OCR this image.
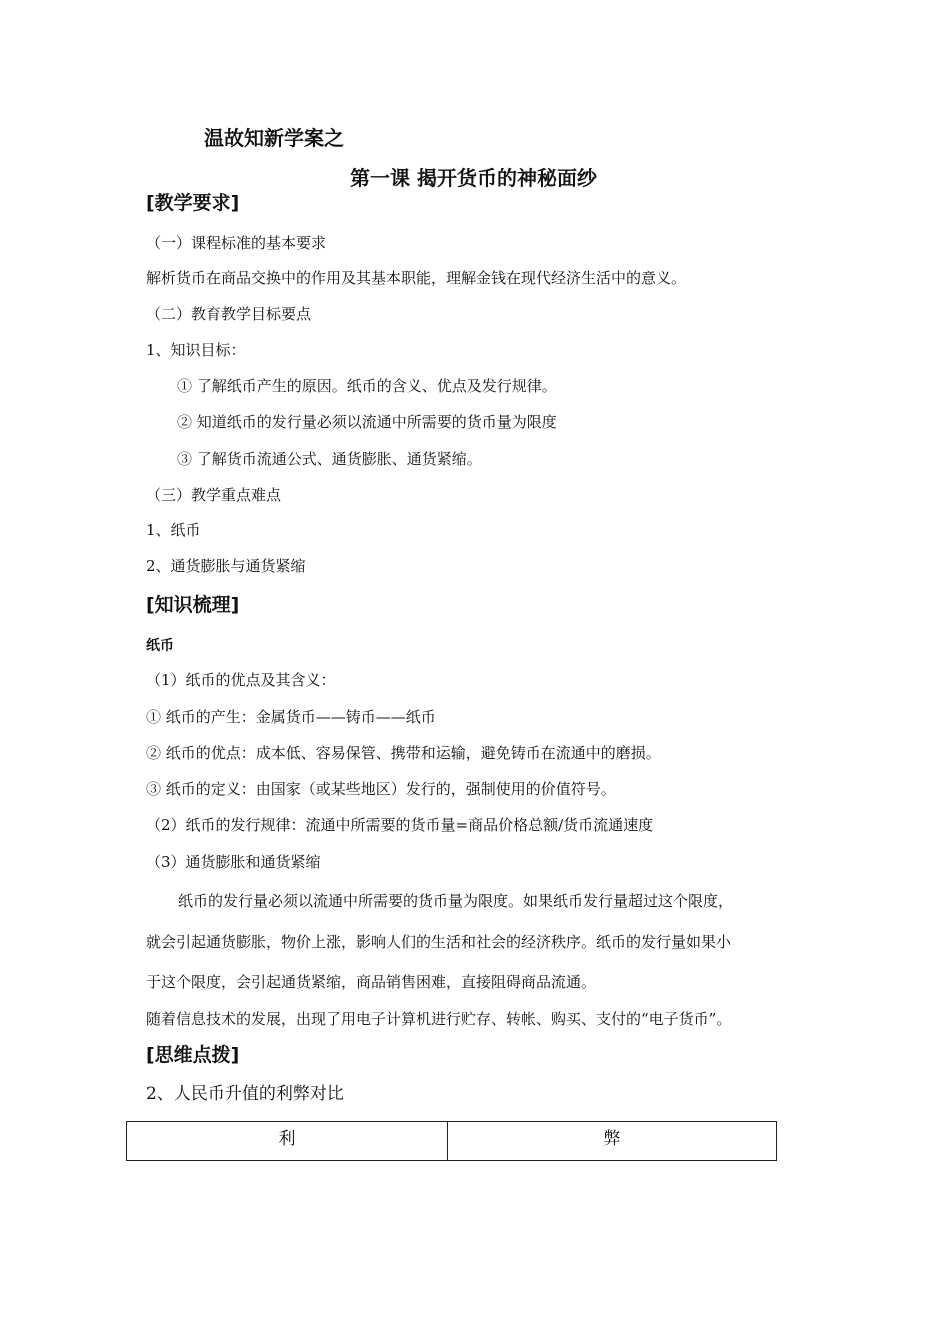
温故知新学案之
第一课 揭开货币的神秘面纱
[教学要求]
（一）课程标准的基本要求
解析货币在商品交换中的作用及其基本职能，理解金钱在现代经济生活中的意义。
（二）教育教学目标要点
1、知识目标：
① 了解纸币产生的原因。纸币的含义、优点及发行规律。
② 知道纸币的发行量必须以流通中所需要的货币量为限度
③ 了解货币流通公式、通货膨胀、通货紧缩。
（三）教学重点难点
1、纸币
2、通货膨胀与通货紧缩
[知识梳理]
纸币
（1）纸币的优点及其含义：
① 纸币的产生：金属货币——铸币——纸币
② 纸币的优点：成本低、容易保管、携带和运输，避免铸币在流通中的磨损。
③ 纸币的定义：由国家（或某些地区）发行的，强制使用的价值符号。
（2）纸币的发行规律：流通中所需要的货币量=商品价格总额/货币流通速度
（3）通货膨胀和通货紧缩
纸币的发行量必须以流通中所需要的货币量为限度。如果纸币发行量超过这个限度，
就会引起通货膨胀，物价上涨，影响人们的生活和社会的经济秩序。纸币的发行量如果小
于这个限度，会引起通货紧缩，商品销售困难，直接阻碍商品流通。
随着信息技术的发展，出现了用电子计算机进行贮存、转帐、购买、支付的“电子货币”。
[思维点拨]
2、人民币升值的利弊对比
利	弊
